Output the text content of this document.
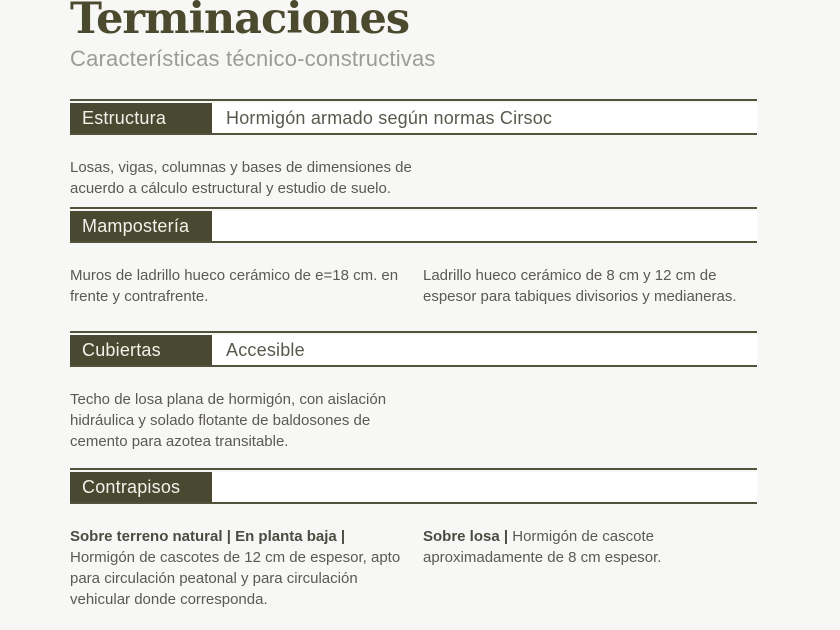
Terminaciones
Características técnico-constructivas
Estructura	Hormigón armado según normas Cirsoc
Losas, vigas, columnas y bases de dimensiones de acuerdo a cálculo estructural y estudio de suelo.
Mampostería
Muros de ladrillo hueco cerámico de e=18 cm. en frente y contrafrente.
Ladrillo hueco cerámico de 8 cm y 12 cm de espesor para tabiques divisorios y medianeras.
Cubiertas	Accesible
Techo de losa plana de hormigón, con aislación hidráulica y solado flotante de baldosones de cemento para azotea transitable.
Contrapisos
Sobre terreno natural | En planta baja | Hormigón de cascotes de 12 cm de espesor, apto para circulación peatonal y para circulación vehicular donde corresponda.
Sobre losa | Hormigón de cascote aproximadamente de 8 cm espesor.
